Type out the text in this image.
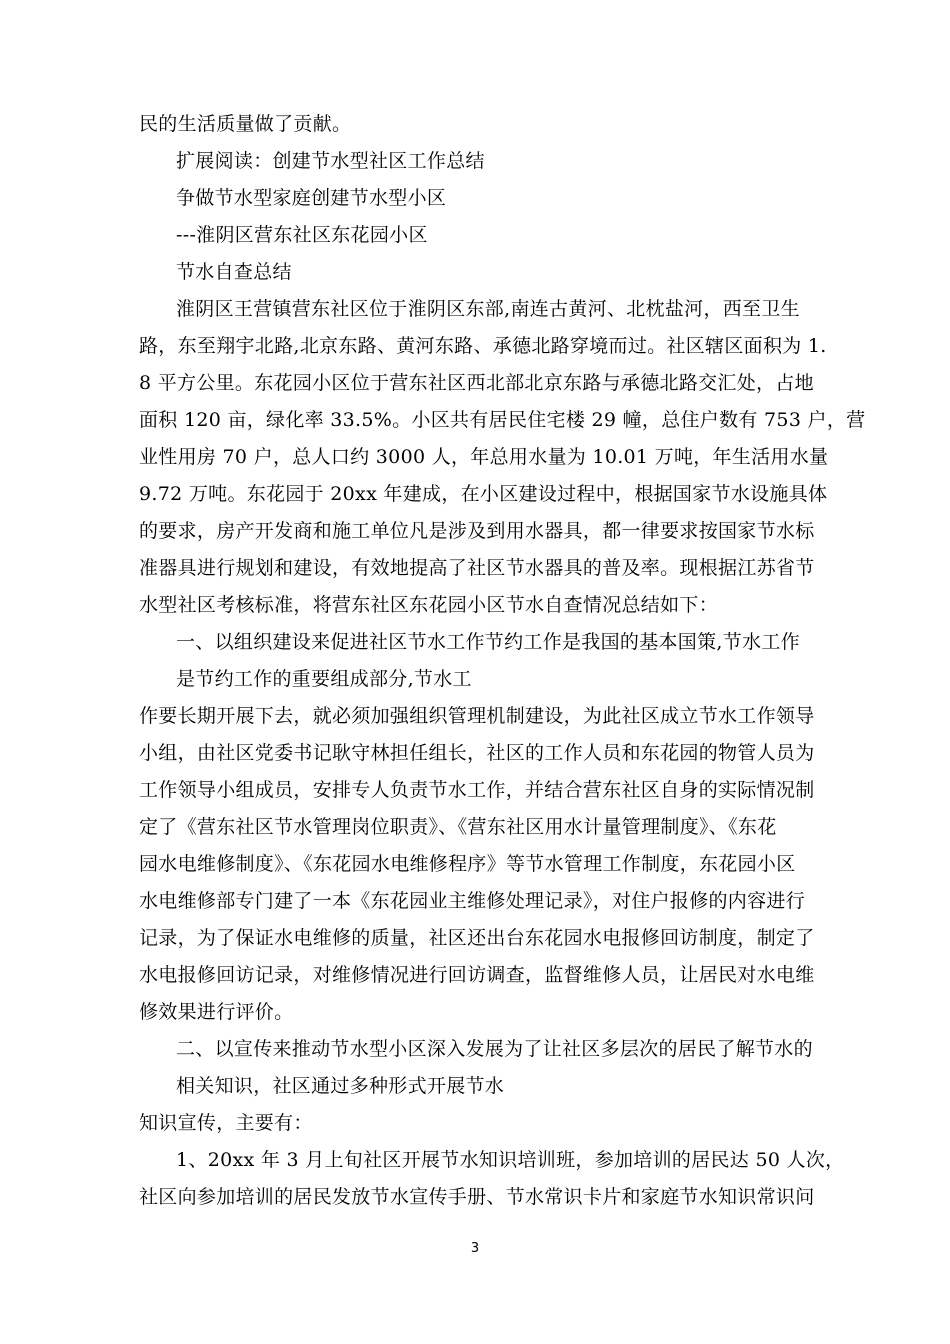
民的生活质量做了贡献。
扩展阅读：创建节水型社区工作总结
争做节水型家庭创建节水型小区
---淮阴区营东社区东花园小区
节水自查总结
淮阴区王营镇营东社区位于淮阴区东部,南连古黄河、北枕盐河，西至卫生
路，东至翔宇北路,北京东路、黄河东路、承德北路穿境而过。社区辖区面积为 1.
8 平方公里。东花园小区位于营东社区西北部北京东路与承德北路交汇处，占地
面积 120 亩，绿化率 33.5%。小区共有居民住宅楼 29 幢，总住户数有 753 户，营
业性用房 70 户，总人口约 3000 人，年总用水量为 10.01 万吨，年生活用水量
9.72 万吨。东花园于 20xx 年建成，在小区建设过程中，根据国家节水设施具体
的要求，房产开发商和施工单位凡是涉及到用水器具，都一律要求按国家节水标
准器具进行规划和建设，有效地提高了社区节水器具的普及率。现根据江苏省节
水型社区考核标准，将营东社区东花园小区节水自查情况总结如下：
一、以组织建设来促进社区节水工作节约工作是我国的基本国策,节水工作
是节约工作的重要组成部分,节水工
作要长期开展下去，就必须加强组织管理机制建设，为此社区成立节水工作领导
小组，由社区党委书记耿守林担任组长，社区的工作人员和东花园的物管人员为
工作领导小组成员，安排专人负责节水工作，并结合营东社区自身的实际情况制
定了《营东社区节水管理岗位职责》、《营东社区用水计量管理制度》、《东花
园水电维修制度》、《东花园水电维修程序》等节水管理工作制度，东花园小区
水电维修部专门建了一本《东花园业主维修处理记录》，对住户报修的内容进行
记录，为了保证水电维修的质量，社区还出台东花园水电报修回访制度，制定了
水电报修回访记录，对维修情况进行回访调查，监督维修人员，让居民对水电维
修效果进行评价。
二、以宣传来推动节水型小区深入发展为了让社区多层次的居民了解节水的
相关知识，社区通过多种形式开展节水
知识宣传，主要有：
1、20xx 年 3 月上旬社区开展节水知识培训班，参加培训的居民达 50 人次，
社区向参加培训的居民发放节水宣传手册、节水常识卡片和家庭节水知识常识问
3
